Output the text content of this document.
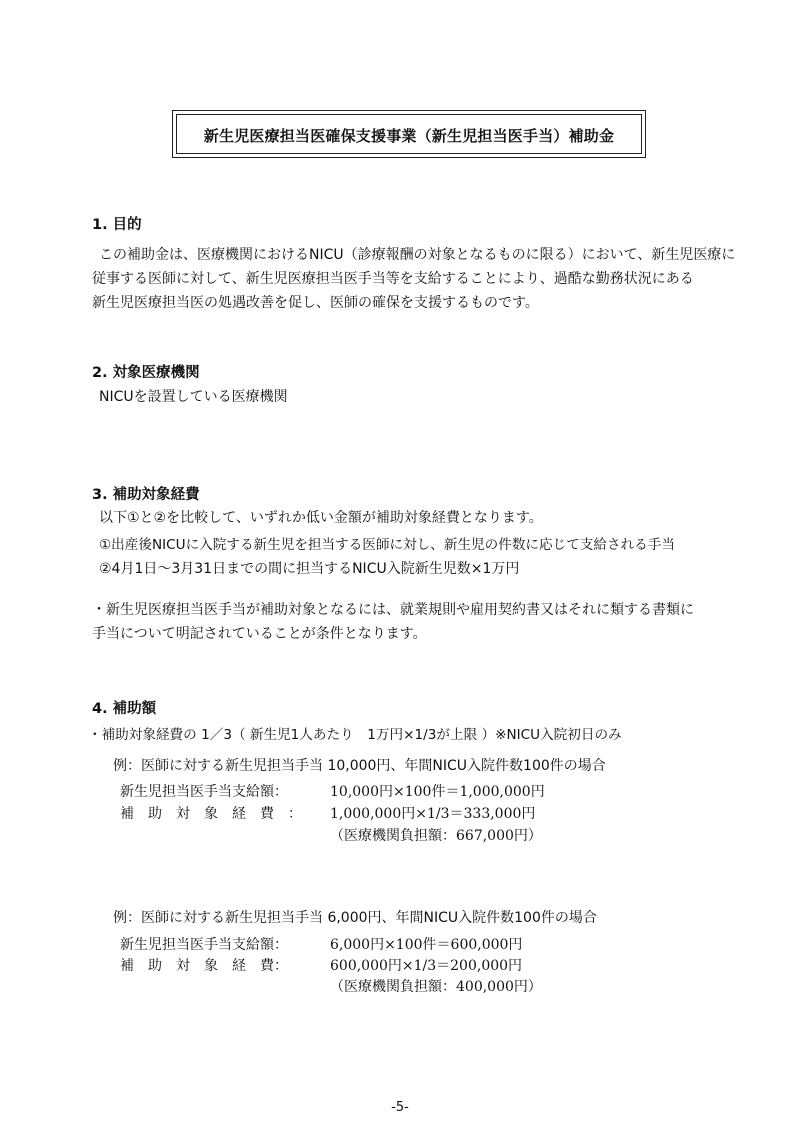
新生児医療担当医確保支援事業（新生児担当医手当）補助金
1. 目的
この補助金は、医療機関におけるNICU（診療報酬の対象となるものに限る）において、新生児医療に
従事する医師に対して、新生児医療担当医手当等を支給することにより、過酷な勤務状況にある
新生児医療担当医の処遇改善を促し、医師の確保を支援するものです。
2. 対象医療機関
NICUを設置している医療機関
3. 補助対象経費
以下①と②を比較して、いずれか低い金額が補助対象経費となります。
①出産後NICUに入院する新生児を担当する医師に対し、新生児の件数に応じて支給される手当
②4月1日～3月31日までの間に担当するNICU入院新生児数×1万円
・新生児医療担当医手当が補助対象となるには、就業規則や雇用契約書又はそれに類する書類に
手当について明記されていることが条件となります。
4. 補助額
・補助対象経費の 1／3（ 新生児1人あたり　1万円×1/3が上限 ）※NICU入院初日のみ
例：医師に対する新生児担当手当 10,000円、年間NICU入院件数100件の場合
新生児担当医手当支給額：	10,000円×100件＝1,000,000円
補　助　対　象　経　費　： 1,000,000円×1/3＝333,000円
（医療機関負担額：667,000円）
例：医師に対する新生児担当手当 6,000円、年間NICU入院件数100件の場合
新生児担当医手当支給額：	6,000円×100件＝600,000円
補　助　対　象　経　費：	600,000円×1/3＝200,000円
（医療機関負担額：400,000円）
-5-
